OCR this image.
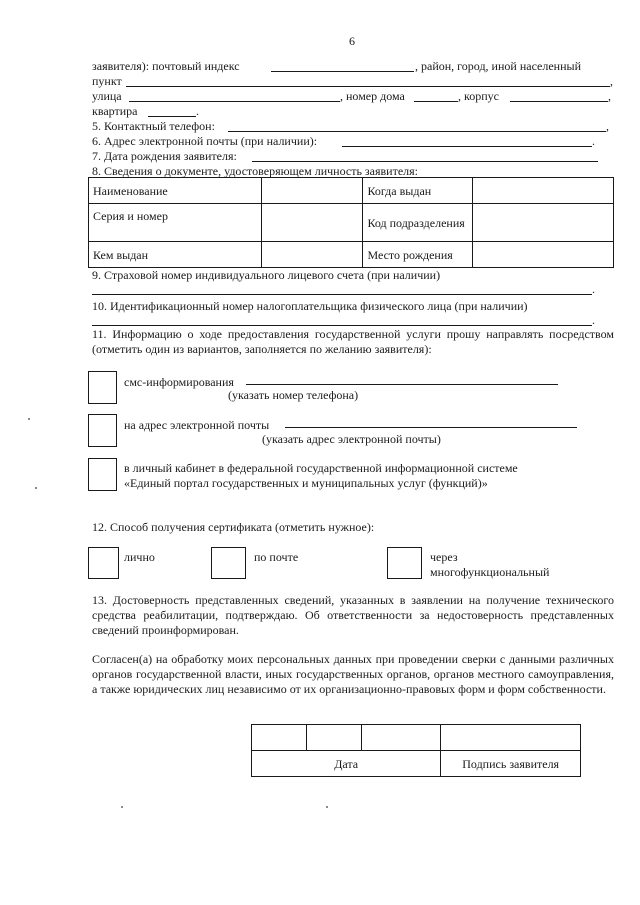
6
заявителя): почтовый индекс	, район, город, иной населенный
пункт	,
улица	, номер дома	, корпус	,
квартира	.
5. Контактный телефон:	,
6. Адрес электронной почты (при наличии):	.
7. Дата рождения заявителя:
8. Сведения о документе, удостоверяющем личность заявителя:
Наименование		Когда выдан	
Серия и номер		Код подразделения	
Кем выдан		Место рождения	
9. Страховой номер индивидуального лицевого счета (при наличии)
.
10. Идентификационный номер налогоплательщика физического лица (при наличии)
.
11. Информацию о ходе предоставления государственной услуги прошу направлять посредством (отметить один из вариантов, заполняется по желанию заявителя):
смс-информирования
(указать номер телефона)
на адрес электронной почты
(указать адрес электронной почты)
в личный кабинет в федеральной государственной информационной системе
«Единый портал государственных и муниципальных услуг (функций)»
12. Способ получения сертификата (отметить нужное):
лично	по почте	через
многофункциональный
13. Достоверность представленных сведений, указанных в заявлении на получение технического средства реабилитации, подтверждаю. Об ответственности за недостоверность представленных сведений проинформирован.
Согласен(а) на обработку моих персональных данных при проведении сверки с данными различных органов государственной власти, иных государственных органов, органов местного самоуправления, а также юридических лиц независимо от их организационно-правовых форм и форм собственности.

Дата			Подпись заявителя
